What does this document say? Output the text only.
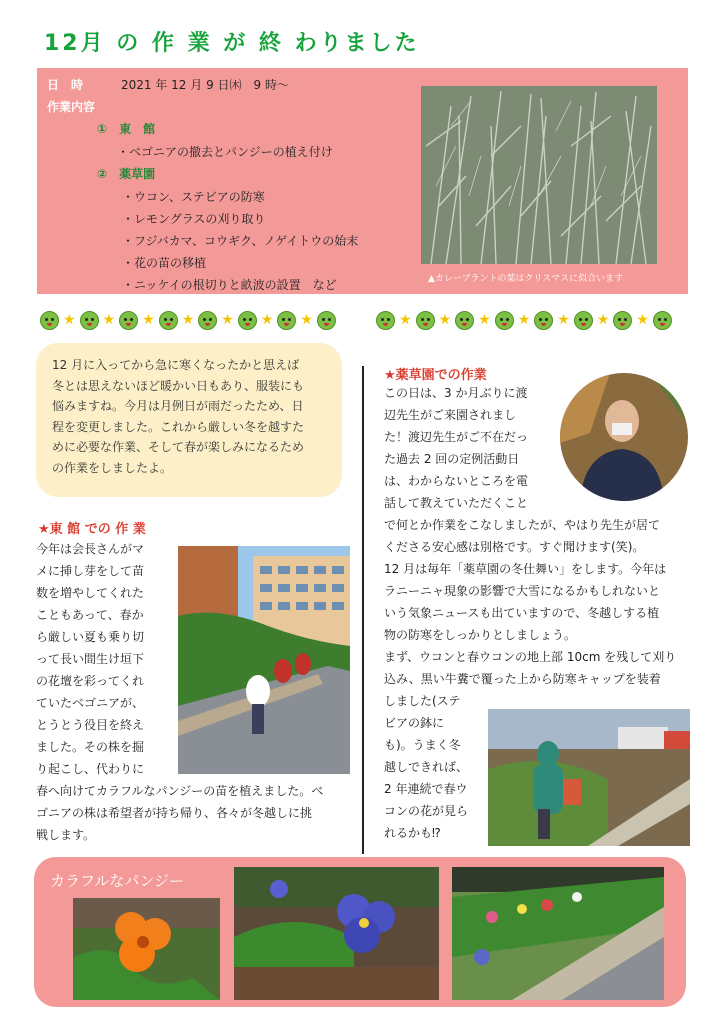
12月 の 作 業 が 終 わりました
日　時	2021 年 12 月 9 日㈭　9 時～
作業内容
①　東　館
・ベゴニアの撤去とパンジーの植え付け
②　薬草園
・ウコン、ステビアの防寒
・レモングラスの刈り取り
・フジバカマ、コウギク、ノゲイトウの始末
・花の苗の移植
・ニッケイの根切りと畝波の設置　など	▲カレープラントの葉はクリスマスに似合います
★ ★ ★ ★ ★ ★ ★	★ ★ ★ ★ ★ ★ ★
12 月に入ってから急に寒くなったかと思えば
冬とは思えないほど暖かい日もあり、服装にも
悩みますね。今月は月例日が雨だったため、日
程を変更しました。これから厳しい冬を越すた
めに必要な作業、そして春が楽しみになるため
の作業をしましたよ。
★東 館 での 作 業
今年は会長さんがマ
メに挿し芽をして苗
数を増やしてくれた
こともあって、春か
ら厳しい夏も乗り切
って長い間生け垣下
の花壇を彩ってくれ
ていたベゴニアが、
とうとう役目を終え
ました。その株を掘
り起こし、代わりに
春へ向けてカラフルなパンジーの苗を植えました。ベ
ゴニアの株は希望者が持ち帰り、各々が冬越しに挑
戦します。
★薬草園での作業
この日は、3 か月ぶりに渡
辺先生がご来園されまし
た！渡辺先生がご不在だっ
た過去 2 回の定例活動日
は、わからないところを電
話して教えていただくこと
で何とか作業をこなしましたが、やはり先生が居て
くださる安心感は別格です。すぐ聞けます(笑)。
12 月は毎年「薬草園の冬仕舞い」をします。今年は
ラニーニャ現象の影響で大雪になるかもしれないと
いう気象ニュースも出ていますので、冬越しする植
物の防寒をしっかりとしましょう。
まず、ウコンと春ウコンの地上部 10cm を残して刈り
込み、黒い牛糞で覆った上から防寒キャップを装着
しました(ステ
ビアの鉢に
も)。うまく冬
越しできれば、
2 年連続で春ウ
コンの花が見ら
れるかも⁉
カラフルなパンジー
